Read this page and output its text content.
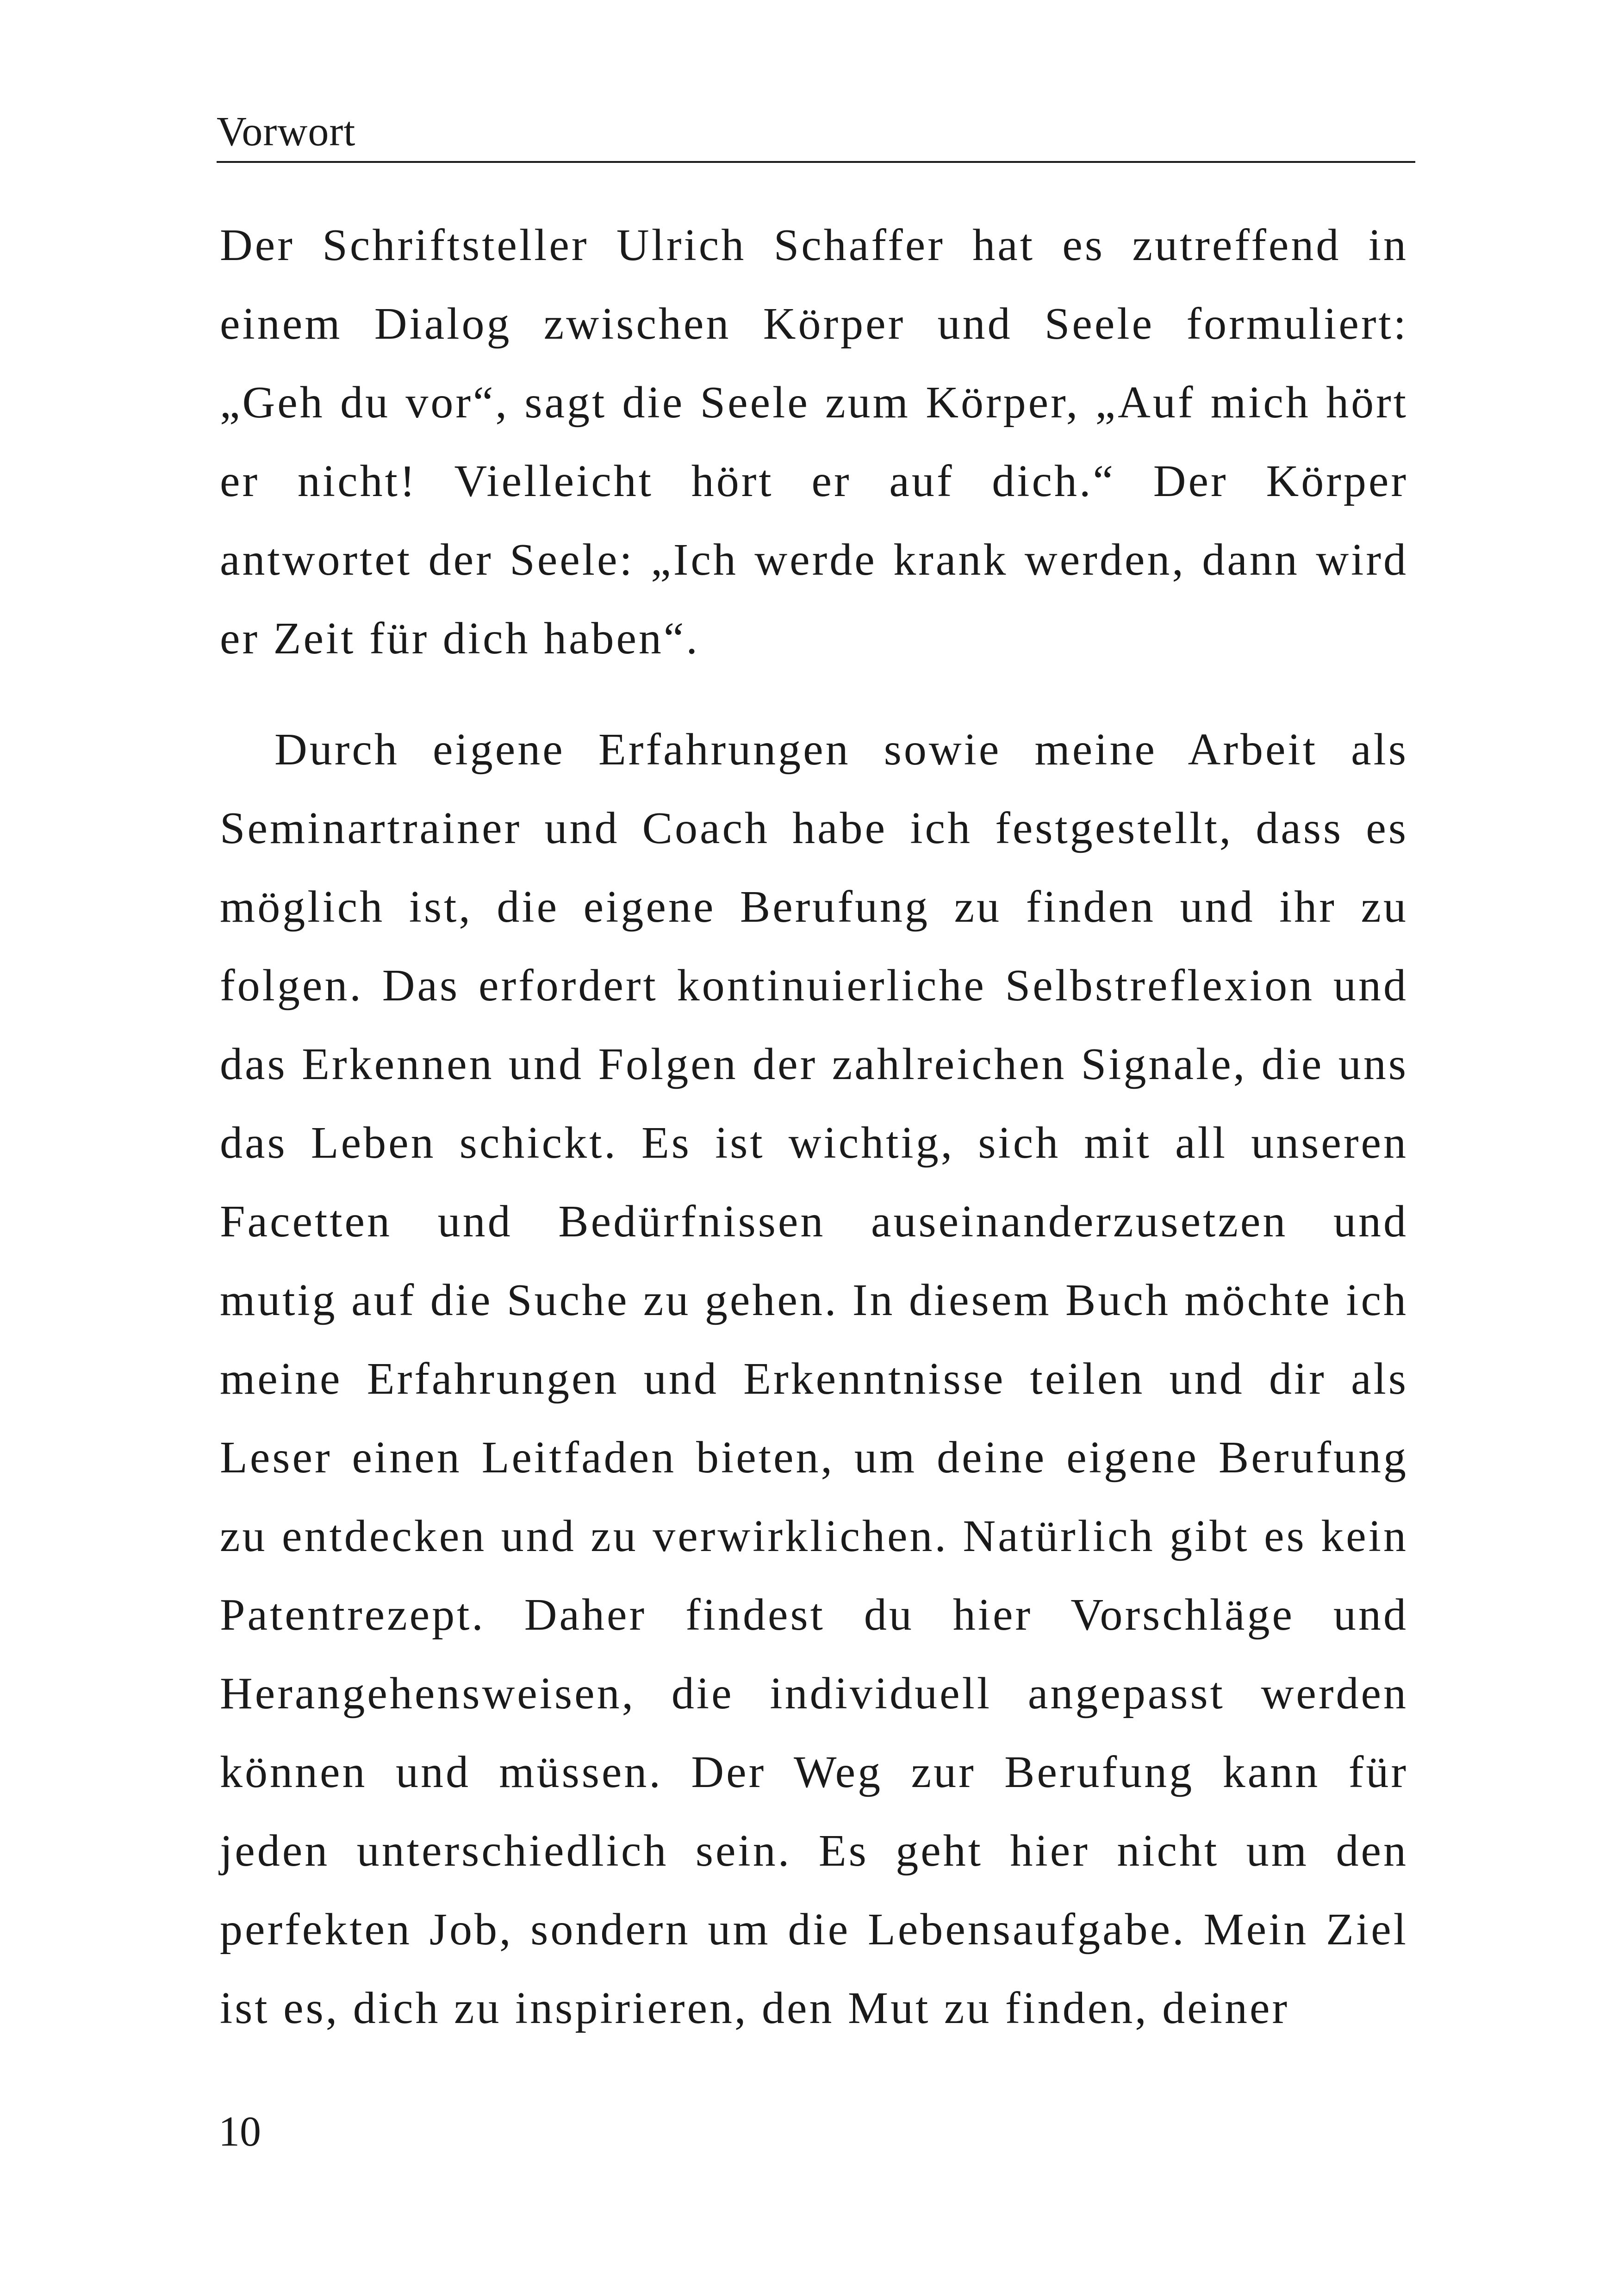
Vorwort

Der Schriftsteller Ulrich Schaffer hat es zutreffend in einem Dialog zwischen Körper und Seele formuliert: „Geh du vor“, sagt die Seele zum Körper, „Auf mich hört er nicht! Vielleicht hört er auf dich.“ Der Körper antwortet der Seele: „Ich werde krank werden, dann wird er Zeit für dich haben“.

Durch eigene Erfahrungen sowie meine Arbeit als Seminartrainer und Coach habe ich festgestellt, dass es möglich ist, die eigene Berufung zu finden und ihr zu folgen. Das erfordert kontinuierliche Selbstreflexion und das Erkennen und Folgen der zahlreichen Signale, die uns das Leben schickt. Es ist wichtig, sich mit all unseren Facetten und Bedürfnissen auseinanderzusetzen und mutig auf die Suche zu gehen. In diesem Buch möchte ich meine Erfahrungen und Erkenntnisse teilen und dir als Leser einen Leitfaden bieten, um deine eigene Berufung zu entdecken und zu verwirklichen. Natürlich gibt es kein Patentrezept. Daher findest du hier Vorschläge und Herangehensweisen, die individuell angepasst werden können und müssen. Der Weg zur Berufung kann für jeden unterschiedlich sein. Es geht hier nicht um den perfekten Job, sondern um die Lebensaufgabe. Mein Ziel ist es, dich zu inspirieren, den Mut zu finden, deiner

10
